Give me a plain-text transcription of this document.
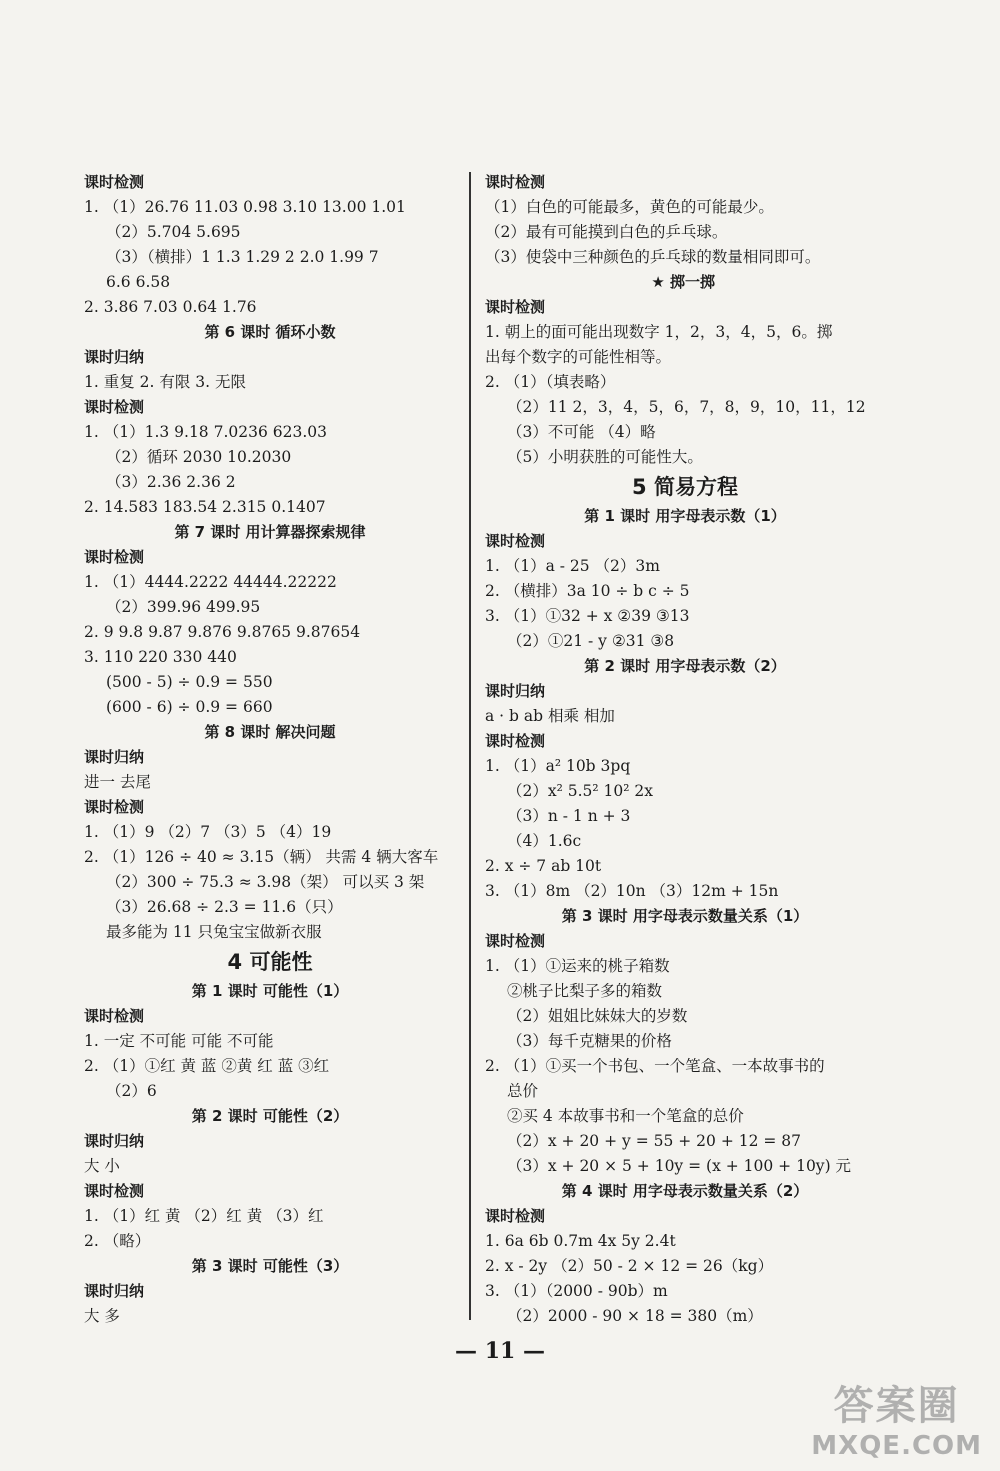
课时检测
1. （1）26.76 11.03 0.98 3.10 13.00 1.01
（2）5.704 5.695
（3）（横排）1 1.3 1.29 2 2.0 1.99 7
6.6 6.58
2. 3.86 7.03 0.64 1.76
第 6 课时 循环小数
课时归纳
1. 重复 2. 有限 3. 无限
课时检测
1. （1）1.3 9.18 7.0236 623.03
（2）循环 2030 10.2030
（3）2.36 2.36 2
2. 14.583 183.54 2.315 0.1407
第 7 课时 用计算器探索规律
课时检测
1. （1）4444.2222 44444.22222
（2）399.96 499.95
2. 9 9.8 9.87 9.876 9.8765 9.87654
3. 110 220 330 440
(500 - 5) ÷ 0.9 = 550
(600 - 6) ÷ 0.9 = 660
第 8 课时 解决问题
课时归纳
进一 去尾
课时检测
1. （1）9 （2）7 （3）5 （4）19
2. （1）126 ÷ 40 ≈ 3.15（辆） 共需 4 辆大客车
（2）300 ÷ 75.3 ≈ 3.98（架） 可以买 3 架
（3）26.68 ÷ 2.3 = 11.6（只）
最多能为 11 只兔宝宝做新衣服
4 可能性
第 1 课时 可能性（1）
课时检测
1. 一定 不可能 可能 不可能
2. （1）①红 黄 蓝 ②黄 红 蓝 ③红
（2）6
第 2 课时 可能性（2）
课时归纳
大 小
课时检测
1. （1）红 黄 （2）红 黄 （3）红
2. （略）
第 3 课时 可能性（3）
课时归纳
大 多
课时检测
（1）白色的可能最多，黄色的可能最少。
（2）最有可能摸到白色的乒乓球。
（3）使袋中三种颜色的乒乓球的数量相同即可。
★ 掷一掷
课时检测
1. 朝上的面可能出现数字 1，2，3，4，5，6。掷
出每个数字的可能性相等。
2. （1）（填表略）
（2）11 2，3，4，5，6，7，8，9，10，11，12
（3）不可能 （4）略
（5）小明获胜的可能性大。
5 简易方程
第 1 课时 用字母表示数（1）
课时检测
1. （1）a - 25 （2）3m
2. （横排）3a 10 ÷ b c ÷ 5
3. （1）①32 + x ②39 ③13
（2）①21 - y ②31 ③8
第 2 课时 用字母表示数（2）
课时归纳
a · b ab 相乘 相加
课时检测
1. （1）a² 10b 3pq
（2）x² 5.5² 10² 2x
（3）n - 1 n + 3
（4）1.6c
2. x ÷ 7 ab 10t
3. （1）8m （2）10n （3）12m + 15n
第 3 课时 用字母表示数量关系（1）
课时检测
1. （1）①运来的桃子箱数
②桃子比梨子多的箱数
（2）姐姐比妹妹大的岁数
（3）每千克糖果的价格
2. （1）①买一个书包、一个笔盒、一本故事书的
总价
②买 4 本故事书和一个笔盒的总价
（2）x + 20 + y = 55 + 20 + 12 = 87
（3）x + 20 × 5 + 10y = (x + 100 + 10y) 元
第 4 课时 用字母表示数量关系（2）
课时检测
1. 6a 6b 0.7m 4x 5y 2.4t
2. x - 2y （2）50 - 2 × 12 = 26（kg）
3. （1）（2000 - 90b）m
（2）2000 - 90 × 18 = 380（m）
— 11 —
答案圈
MXQE.COM
